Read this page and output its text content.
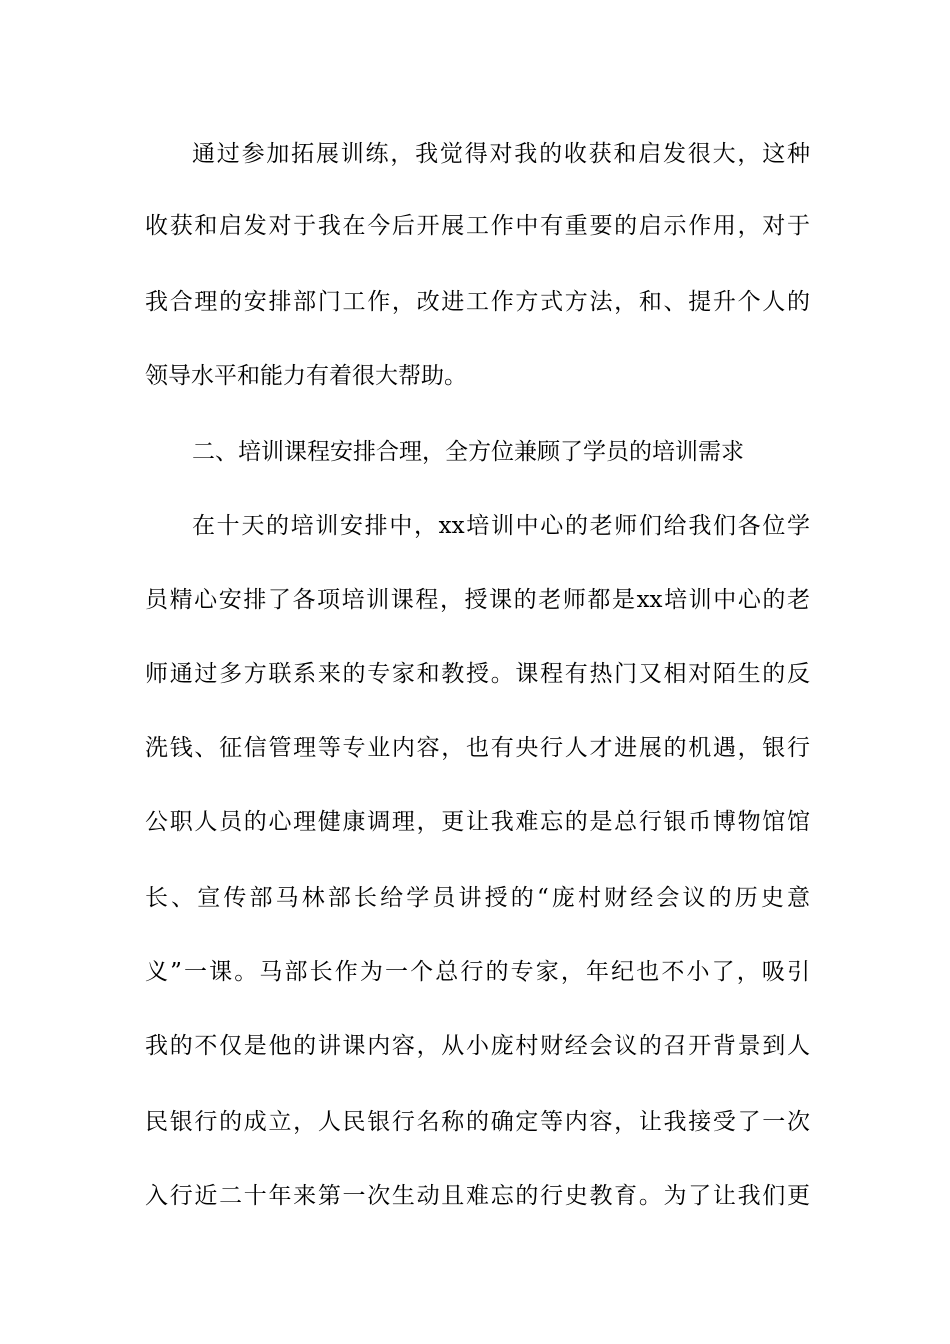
通过参加拓展训练，我觉得对我的收获和启发很大，这种
收获和启发对于我在今后开展工作中有重要的启示作用，对于
我合理的安排部门工作，改进工作方式方法，和、提升个人的
领导水平和能力有着很大帮助。
二、培训课程安排合理，全方位兼顾了学员的培训需求
在十天的培训安排中，xx培训中心的老师们给我们各位学
员精心安排了各项培训课程，授课的老师都是xx培训中心的老
师通过多方联系来的专家和教授。课程有热门又相对陌生的反
洗钱、征信管理等专业内容，也有央行人才进展的机遇，银行
公职人员的心理健康调理，更让我难忘的是总行银币博物馆馆
长、宣传部马林部长给学员讲授的“庞村财经会议的历史意
义”一课。马部长作为一个总行的专家，年纪也不小了，吸引
我的不仅是他的讲课内容，从小庞村财经会议的召开背景到人
民银行的成立，人民银行名称的确定等内容，让我接受了一次
入行近二十年来第一次生动且难忘的行史教育。为了让我们更
